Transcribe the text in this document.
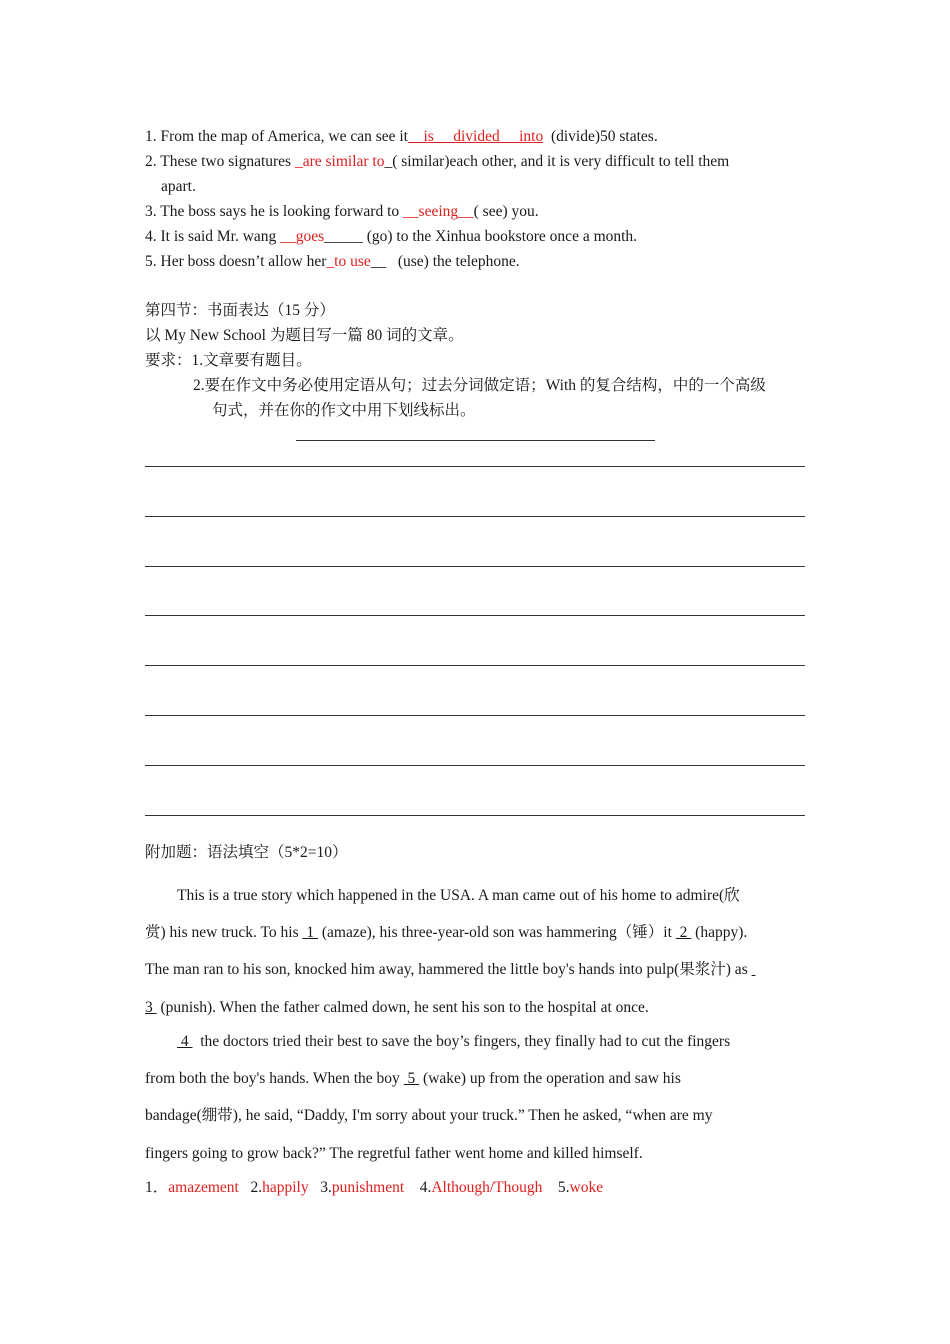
1. From the map of America, we can see it__is__ divided __into  (divide)50 states.
2. These two signatures _are similar to_( similar)each other, and it is very difficult to tell them
apart.
3. The boss says he is looking forward to __seeing__( see) you.
4. It is said Mr. wang __goes_____ (go) to the Xinhua bookstore once a month.
5. Her boss doesn’t allow her_to use__   (use) the telephone.
第四节：书面表达（15 分）
以 My New School 为题目写一篇 80 词的文章。
要求：1.文章要有题目。
2.要在作文中务必使用定语从句；过去分词做定语；With 的复合结构，中的一个高级
句式，并在你的作文中用下划线标出。
附加题：语法填空（5*2=10）
This is a true story which happened in the USA. A man came out of his home to admire(欣
赏) his new truck. To his  1  (amaze), his three-year-old son was hammering（锤）it  2  (happy).
The man ran to his son, knocked him away, hammered the little boy's hands into pulp(果浆汁) as
3  (punish). When the father calmed down, he sent his son to the hospital at once.
4   the doctors tried their best to save the boy’s fingers, they finally had to cut the fingers
from both the boy's hands. When the boy  5  (wake) up from the operation and saw his
bandage(绷带), he said, “Daddy, I'm sorry about your truck.” Then he asked, “when are my
fingers going to grow back?” The regretful father went home and killed himself.
1．amazement 2.happily 3.punishment 4.Although/Though 5.woke
